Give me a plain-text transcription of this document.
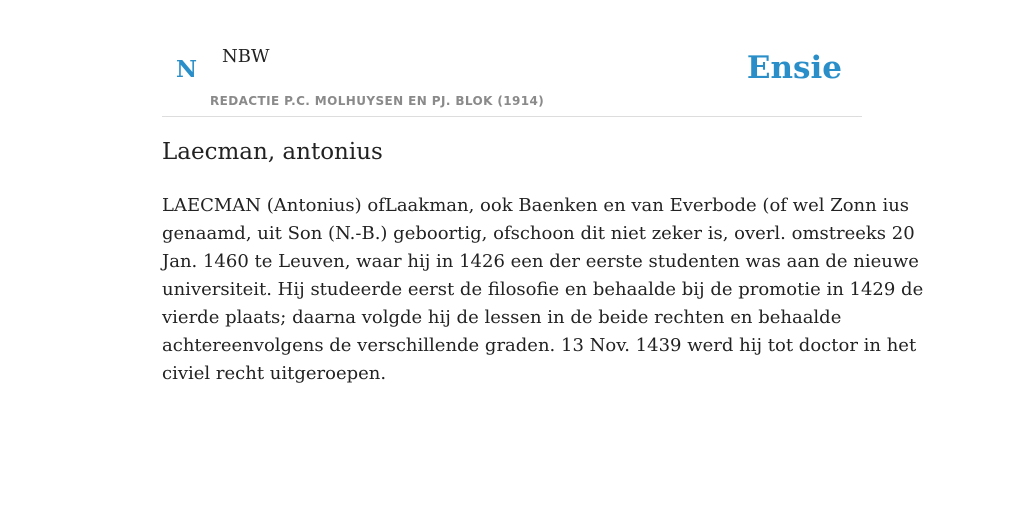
N NBW
REDACTIE P.C. MOLHUYSEN EN PJ. BLOK (1914)
Ensie
Laecman, antonius

LAECMAN (Antonius) ofLaakman, ook Baenken en van Everbode (of wel Zonn ius
genaamd, uit Son (N.-B.) geboortig, ofschoon dit niet zeker is, overl. omstreeks 20
Jan. 1460 te Leuven, waar hij in 1426 een der eerste studenten was aan de nieuwe
universiteit. Hij studeerde eerst de filosofie en behaalde bij de promotie in 1429 de
vierde plaats; daarna volgde hij de lessen in de beide rechten en behaalde
achtereenvolgens de verschillende graden. 13 Nov. 1439 werd hij tot doctor in het
civiel recht uitgeroepen.
